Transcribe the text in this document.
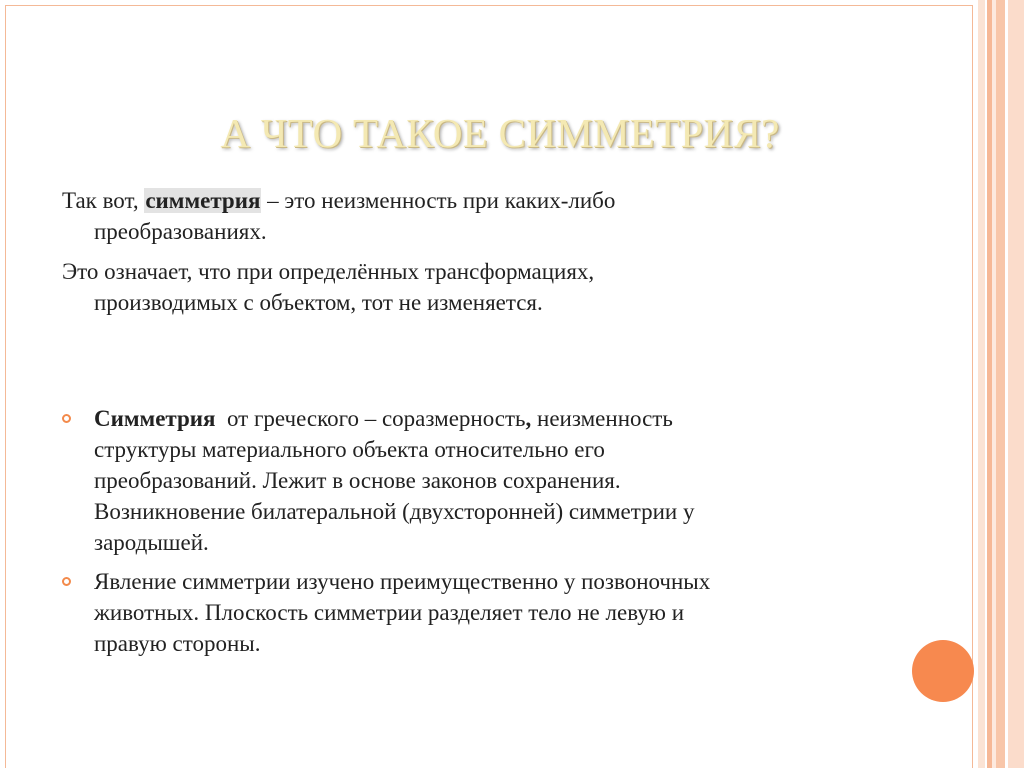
А ЧТО ТАКОЕ СИММЕТРИЯ?
Так вот, симметрия – это неизменность при каких-либо
преобразованиях.
Это означает, что при определённых трансформациях,
производимых с объектом, тот не изменяется.
Симметрия  от греческого – соразмерность, неизменность
структуры материального объекта относительно его
преобразований. Лежит в основе законов сохранения.
Возникновение билатеральной (двухсторонней) симметрии у
зародышей.
Явление симметрии изучено преимущественно у позвоночных
животных. Плоскость симметрии разделяет тело не левую и
правую стороны.
